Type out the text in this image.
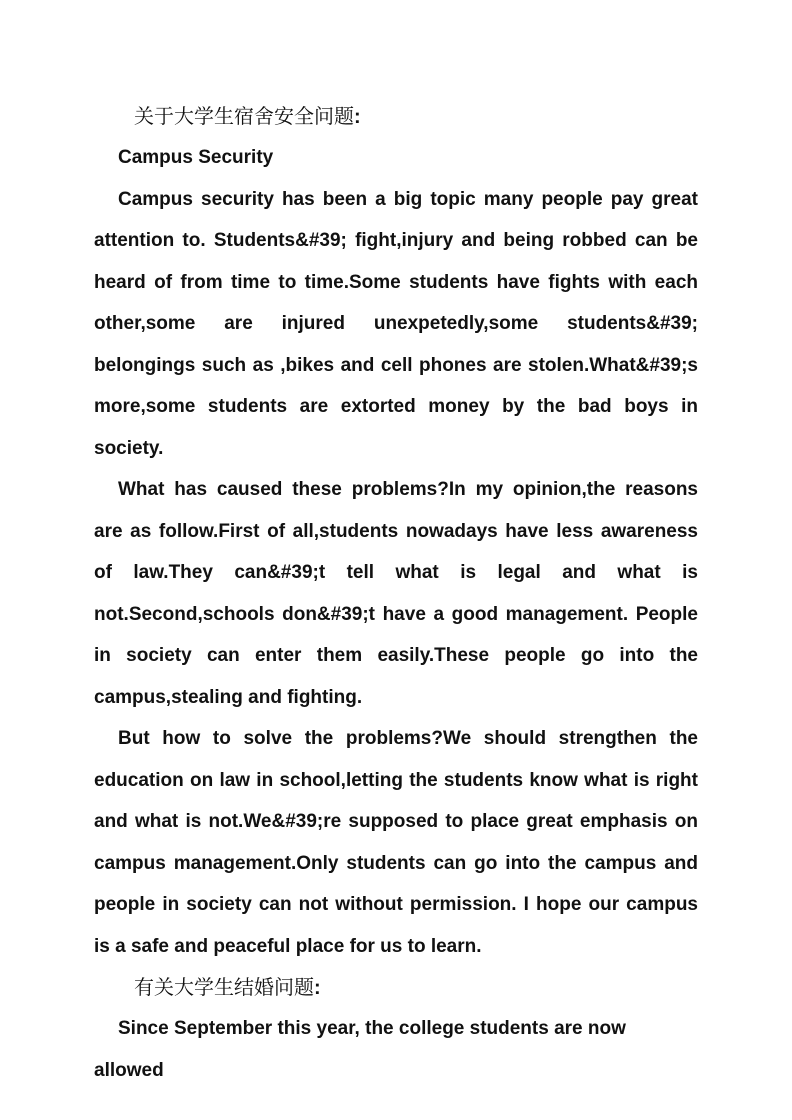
关于大学生宿舍安全问题:

Campus Security

Campus security has been a big topic many people pay great attention to. Students&#39; fight,injury and being robbed can be heard of from time to time.Some students have fights with each other,some are injured unexpetedly,some students&#39; belongings such as ,bikes and cell phones are stolen.What&#39;s more,some students are extorted money by the bad boys in society.

What has caused these problems?In my opinion,the reasons are as follow.First of all,students nowadays have less awareness of law.They can&#39;t tell what is legal and what is not.Second,schools don&#39;t have a good management. People in society can enter them easily.These people go into the campus,stealing and fighting.

But how to solve the problems?We should strengthen the education on law in school,letting the students know what is right and what is not.We&#39;re supposed to place great emphasis on campus management.Only students can go into the campus and people in society can not without permission. I hope our campus is a safe and peaceful place for us to learn.

有关大学生结婚问题:

Since September this year, the college students are now allowed
